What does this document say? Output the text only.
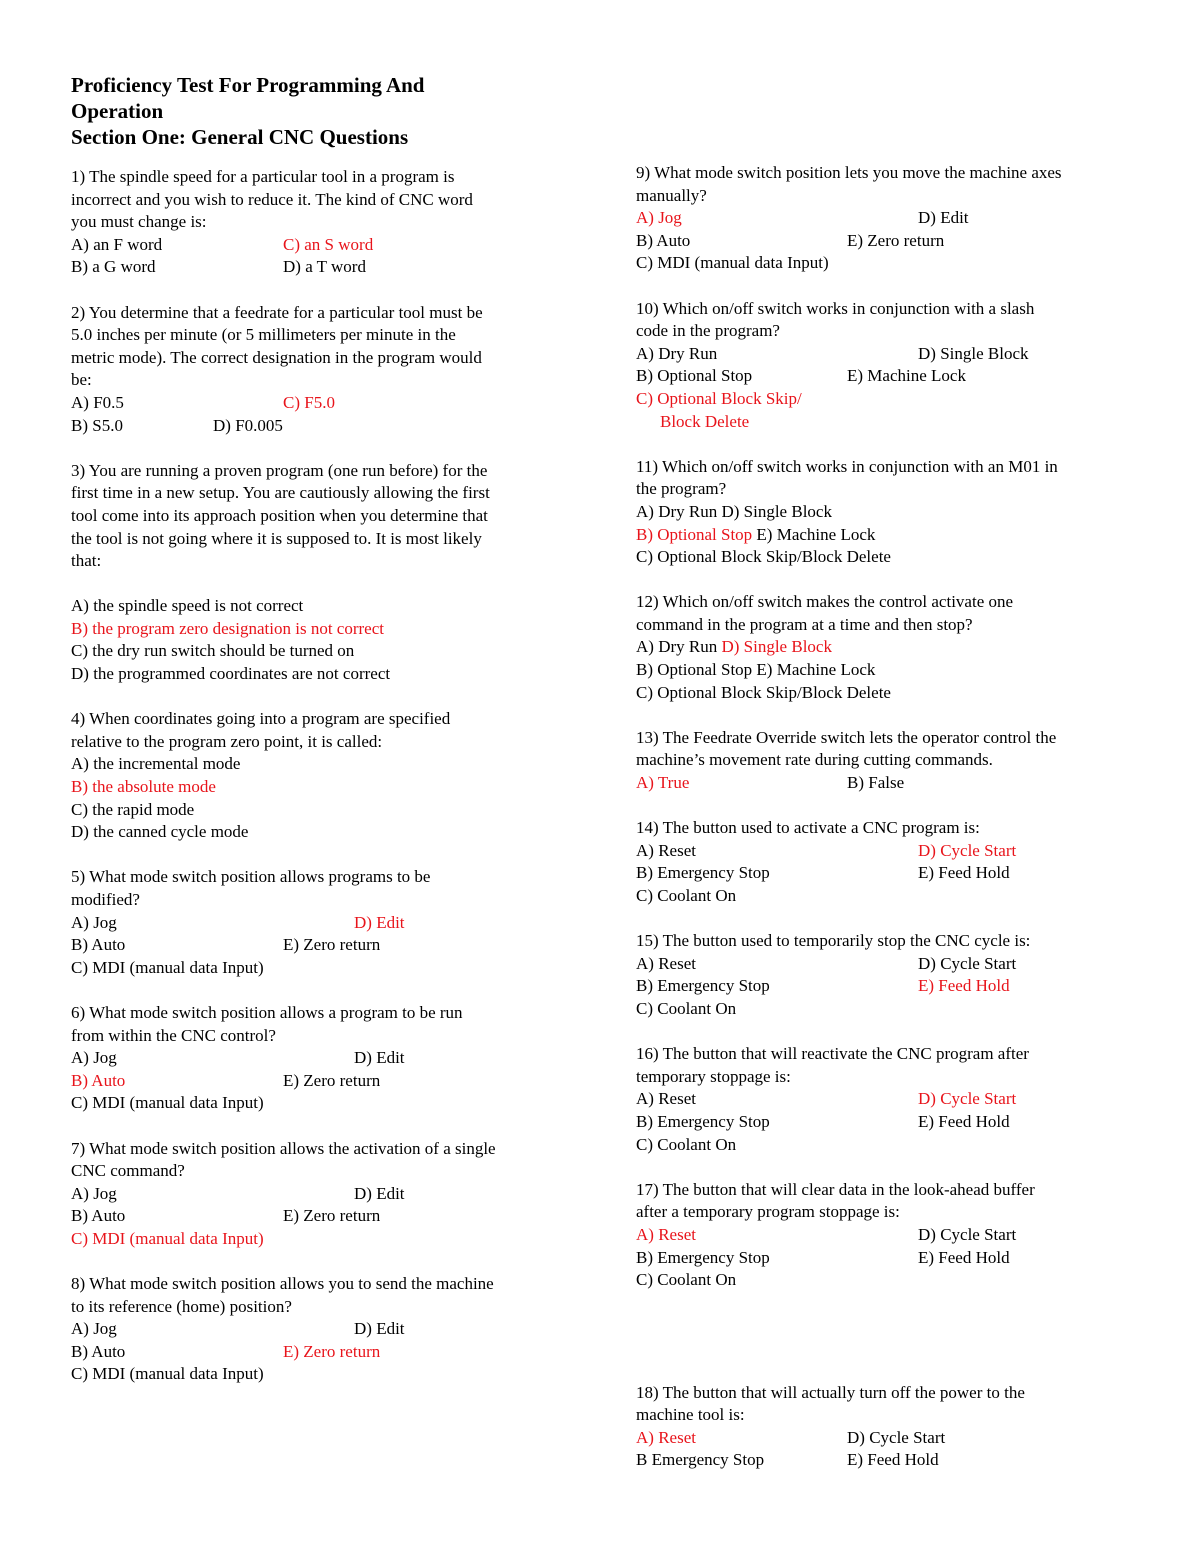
Proficiency Test For Programming And
Operation
Section One: General CNC Questions
1) The spindle speed for a particular tool in a program is
incorrect and you wish to reduce it. The kind of CNC word
you must change is:
A) an F word	C) an S word
B) a G word	D) a T word
2) You determine that a feedrate for a particular tool must be
5.0 inches per minute (or 5 millimeters per minute in the
metric mode). The correct designation in the program would
be:
A) F0.5	C) F5.0
B) S5.0	D) F0.005
3) You are running a proven program (one run before) for the
first time in a new setup. You are cautiously allowing the first
tool come into its approach position when you determine that
the tool is not going where it is supposed to. It is most likely
that:
A) the spindle speed is not correct
B) the program zero designation is not correct
C) the dry run switch should be turned on
D) the programmed coordinates are not correct
4) When coordinates going into a program are specified
relative to the program zero point, it is called:
A) the incremental mode
B) the absolute mode
C) the rapid mode
D) the canned cycle mode
5) What mode switch position allows programs to be
modified?
A) Jog	D) Edit
B) Auto	E) Zero return
C) MDI (manual data Input)
6) What mode switch position allows a program to be run
from within the CNC control?
A) Jog	D) Edit
B) Auto	E) Zero return
C) MDI (manual data Input)
7) What mode switch position allows the activation of a single
CNC command?
A) Jog	D) Edit
B) Auto	E) Zero return
C) MDI (manual data Input)
8) What mode switch position allows you to send the machine
to its reference (home) position?
A) Jog	D) Edit
B) Auto	E) Zero return
C) MDI (manual data Input)
9) What mode switch position lets you move the machine axes
manually?
A) Jog	D) Edit
B) Auto	E) Zero return
C) MDI (manual data Input)
10) Which on/off switch works in conjunction with a slash
code in the program?
A) Dry Run	D) Single Block
B) Optional Stop	E) Machine Lock
C) Optional Block Skip/
Block Delete
11) Which on/off switch works in conjunction with an M01 in
the program?
A) Dry Run D) Single Block
B) Optional Stop E) Machine Lock
C) Optional Block Skip/Block Delete
12) Which on/off switch makes the control activate one
command in the program at a time and then stop?
A) Dry Run D) Single Block
B) Optional Stop E) Machine Lock
C) Optional Block Skip/Block Delete
13) The Feedrate Override switch lets the operator control the
machine’s movement rate during cutting commands.
A) True	B) False
14) The button used to activate a CNC program is:
A) Reset	D) Cycle Start
B) Emergency Stop	E) Feed Hold
C) Coolant On
15) The button used to temporarily stop the CNC cycle is:
A) Reset	D) Cycle Start
B) Emergency Stop	E) Feed Hold
C) Coolant On
16) The button that will reactivate the CNC program after
temporary stoppage is:
A) Reset	D) Cycle Start
B) Emergency Stop	E) Feed Hold
C) Coolant On
17) The button that will clear data in the look-ahead buffer
after a temporary program stoppage is:
A) Reset	D) Cycle Start
B) Emergency Stop	E) Feed Hold
C) Coolant On
18) The button that will actually turn off the power to the
machine tool is:
A) Reset	D) Cycle Start
B Emergency Stop	E) Feed Hold
